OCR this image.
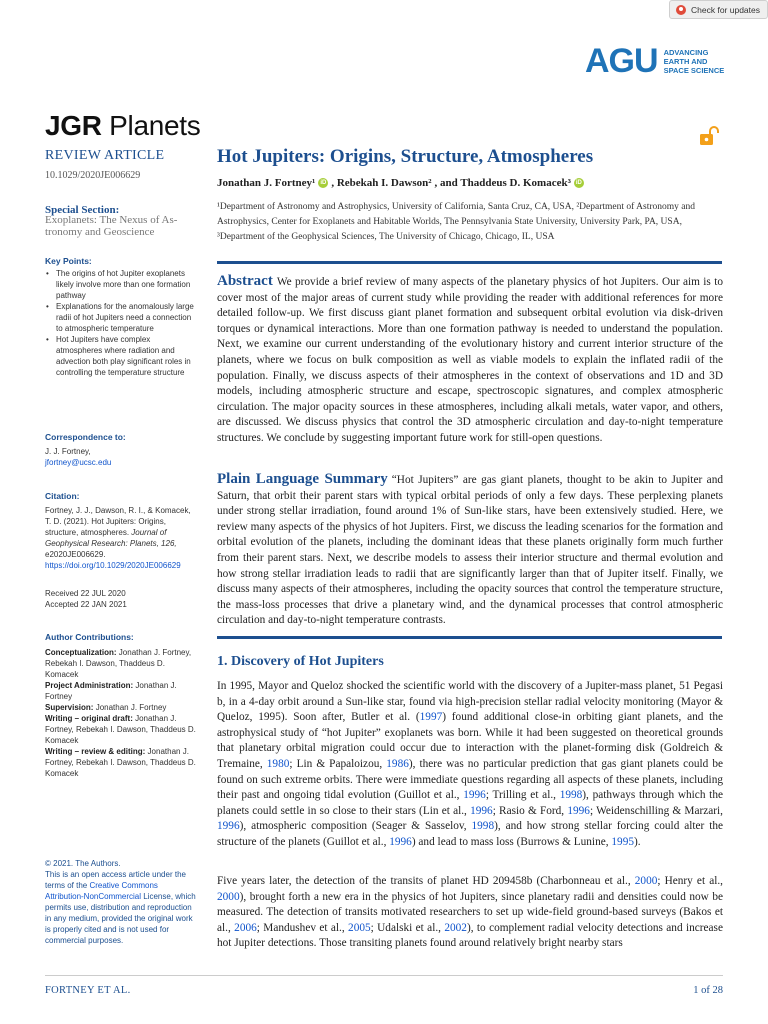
Check for updates
AGU ADVANCING
EARTH AND
SPACE SCIENCE
JGR Planets
REVIEW ARTICLE
10.1029/2020JE006629
Special Section:
Exoplanets: The Nexus of As-tronomy and Geoscience
Key Points:
• The origins of hot Jupiter exoplanets likely involve more than one formation pathway
• Explanations for the anomalously large radii of hot Jupiters need a connection to atmospheric temperature
• Hot Jupiters have complex atmospheres where radiation and advection both play significant roles in controlling the temperature structure
Correspondence to:
J. J. Fortney,
jfortney@ucsc.edu
Citation:
Fortney, J. J., Dawson, R. I., & Komacek, T. D. (2021). Hot Jupiters: Origins, structure, atmospheres. Journal of Geophysical Research: Planets, 126, e2020JE006629. https://doi.org/10.1029/2020JE006629
Received 22 JUL 2020
Accepted 22 JAN 2021
Author Contributions:
Conceptualization: Jonathan J. Fortney, Rebekah I. Dawson, Thaddeus D. Komacek
Project Administration: Jonathan J. Fortney
Supervision: Jonathan J. Fortney
Writing – original draft: Jonathan J. Fortney, Rebekah I. Dawson, Thaddeus D. Komacek
Writing – review & editing: Jonathan J. Fortney, Rebekah I. Dawson, Thaddeus D. Komacek
© 2021. The Authors.
This is an open access article under the terms of the Creative Commons Attribution-NonCommercial License, which permits use, distribution and reproduction in any medium, provided the original work is properly cited and is not used for commercial purposes.
Hot Jupiters: Origins, Structure, Atmospheres
Jonathan J. Fortney¹ iD , Rebekah I. Dawson² , and Thaddeus D. Komacek³ iD
¹Department of Astronomy and Astrophysics, University of California, Santa Cruz, CA, USA, ²Department of Astronomy and Astrophysics, Center for Exoplanets and Habitable Worlds, The Pennsylvania State University, University Park, PA, USA, ³Department of the Geophysical Sciences, The University of Chicago, Chicago, IL, USA
Abstract We provide a brief review of many aspects of the planetary physics of hot Jupiters. Our aim is to cover most of the major areas of current study while providing the reader with additional references for more detailed follow-up. We first discuss giant planet formation and subsequent orbital evolution via disk-driven torques or dynamical interactions. More than one formation pathway is needed to understand the population. Next, we examine our current understanding of the evolutionary history and current interior structure of the planets, where we focus on bulk composition as well as viable models to explain the inflated radii of the population. Finally, we discuss aspects of their atmospheres in the context of observations and 1D and 3D models, including atmospheric structure and escape, spectroscopic signatures, and complex atmospheric circulation. The major opacity sources in these atmospheres, including alkali metals, water vapor, and others, are discussed. We discuss physics that control the 3D atmospheric circulation and day-to-night temperature structures. We conclude by suggesting important future work for still-open questions.
Plain Language Summary “Hot Jupiters” are gas giant planets, thought to be akin to Jupiter and Saturn, that orbit their parent stars with typical orbital periods of only a few days. These perplexing planets under strong stellar irradiation, found around 1% of Sun-like stars, have been extensively studied. Here, we review many aspects of the physics of hot Jupiters. First, we discuss the leading scenarios for the formation and orbital evolution of the planets, including the dominant ideas that these planets originally form much further from their parent stars. Next, we describe models to assess their interior structure and thermal evolution and how strong stellar irradiation leads to radii that are significantly larger than that of Jupiter itself. Finally, we discuss many aspects of their atmospheres, including the opacity sources that control the temperature structure, the mass-loss processes that drive a planetary wind, and the dynamical processes that control atmospheric circulation and day-to-night temperature contrasts.
1. Discovery of Hot Jupiters
In 1995, Mayor and Queloz shocked the scientific world with the discovery of a Jupiter-mass planet, 51 Pegasi b, in a 4-day orbit around a Sun-like star, found via high-precision stellar radial velocity monitoring (Mayor & Queloz, 1995). Soon after, Butler et al. (1997) found additional close-in orbiting giant planets, and the astrophysical study of “hot Jupiter” exoplanets was born. While it had been suggested on theoretical grounds that planetary orbital migration could occur due to interaction with the planet-forming disk (Goldreich & Tremaine, 1980; Lin & Papaloizou, 1986), there was no particular prediction that gas giant planets could be found on such extreme orbits. There were immediate questions regarding all aspects of these planets, including their past and ongoing tidal evolution (Guillot et al., 1996; Trilling et al., 1998), pathways through which the planets could settle in so close to their stars (Lin et al., 1996; Rasio & Ford, 1996; Weidenschilling & Marzari, 1996), atmospheric composition (Seager & Sasselov, 1998), and how strong stellar forcing could alter the structure of the planets (Guillot et al., 1996) and lead to mass loss (Burrows & Lunine, 1995).
Five years later, the detection of the transits of planet HD 209458b (Charbonneau et al., 2000; Henry et al., 2000), brought forth a new era in the physics of hot Jupiters, since planetary radii and densities could now be measured. The detection of transits motivated researchers to set up wide-field ground-based surveys (Bakos et al., 2006; Mandushev et al., 2005; Udalski et al., 2002), to complement radial velocity detections and increase hot Jupiter detections. Those transiting planets found around relatively bright nearby stars
FORTNEY ET AL.	1 of 28
